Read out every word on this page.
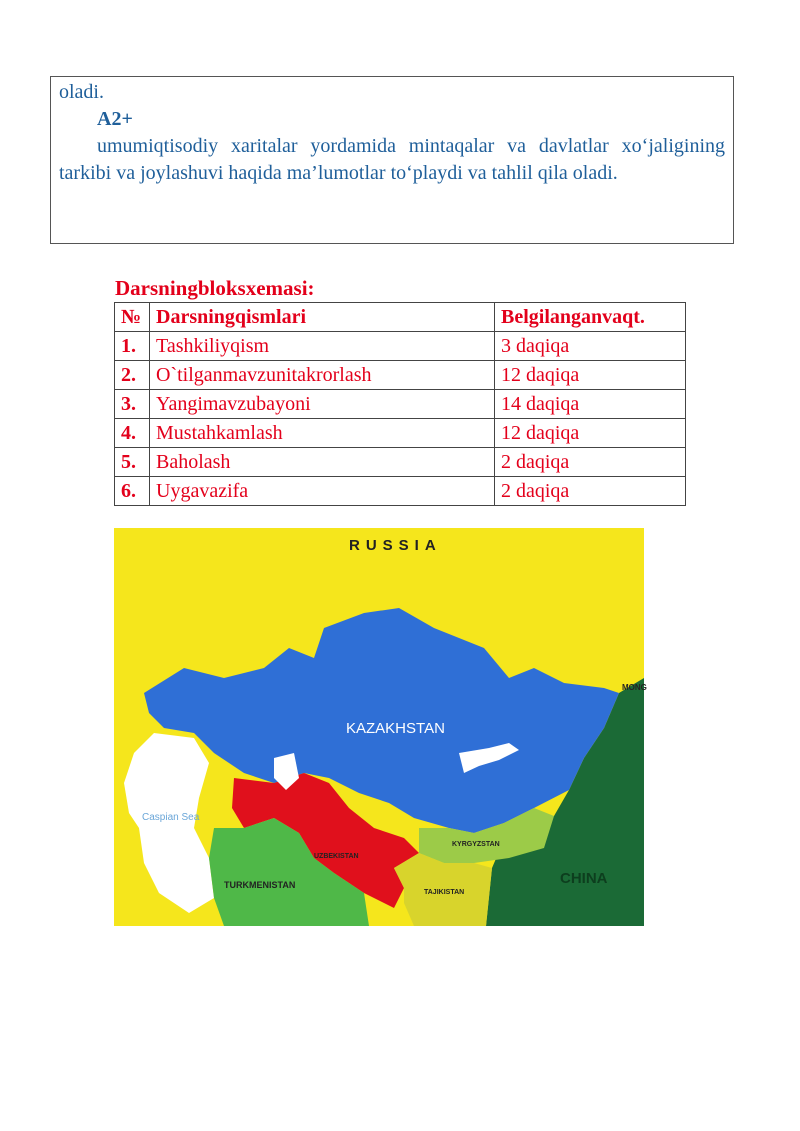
oladi.

A2+

umumiqtisodiy xaritalar yordamida mintaqalar va davlatlar xo‘jaligining tarkibi va joylashuvi haqida ma’lumotlar to‘playdi va tahlil qila oladi.

Darsningbloksxemasi:
№	Darsningqismlari	Belgilanganvaqt.
1.	Tashkiliyqism	3 daqiqa
2.	O`tilganmavzunitakrorlash	12 daqiqa
3.	Yangimavzubayoni	14 daqiqa
4.	Mustahkamlash	12 daqiqa
5.	Baholash	2 daqiqa
6.	Uygavazifa	2 daqiqa
RUSSIA
KAZAKHSTAN
Caspian Sea
TURKMENISTAN
UZBEKISTAN
KYRGYZSTAN
TAJIKISTAN
CHINA
MONG
